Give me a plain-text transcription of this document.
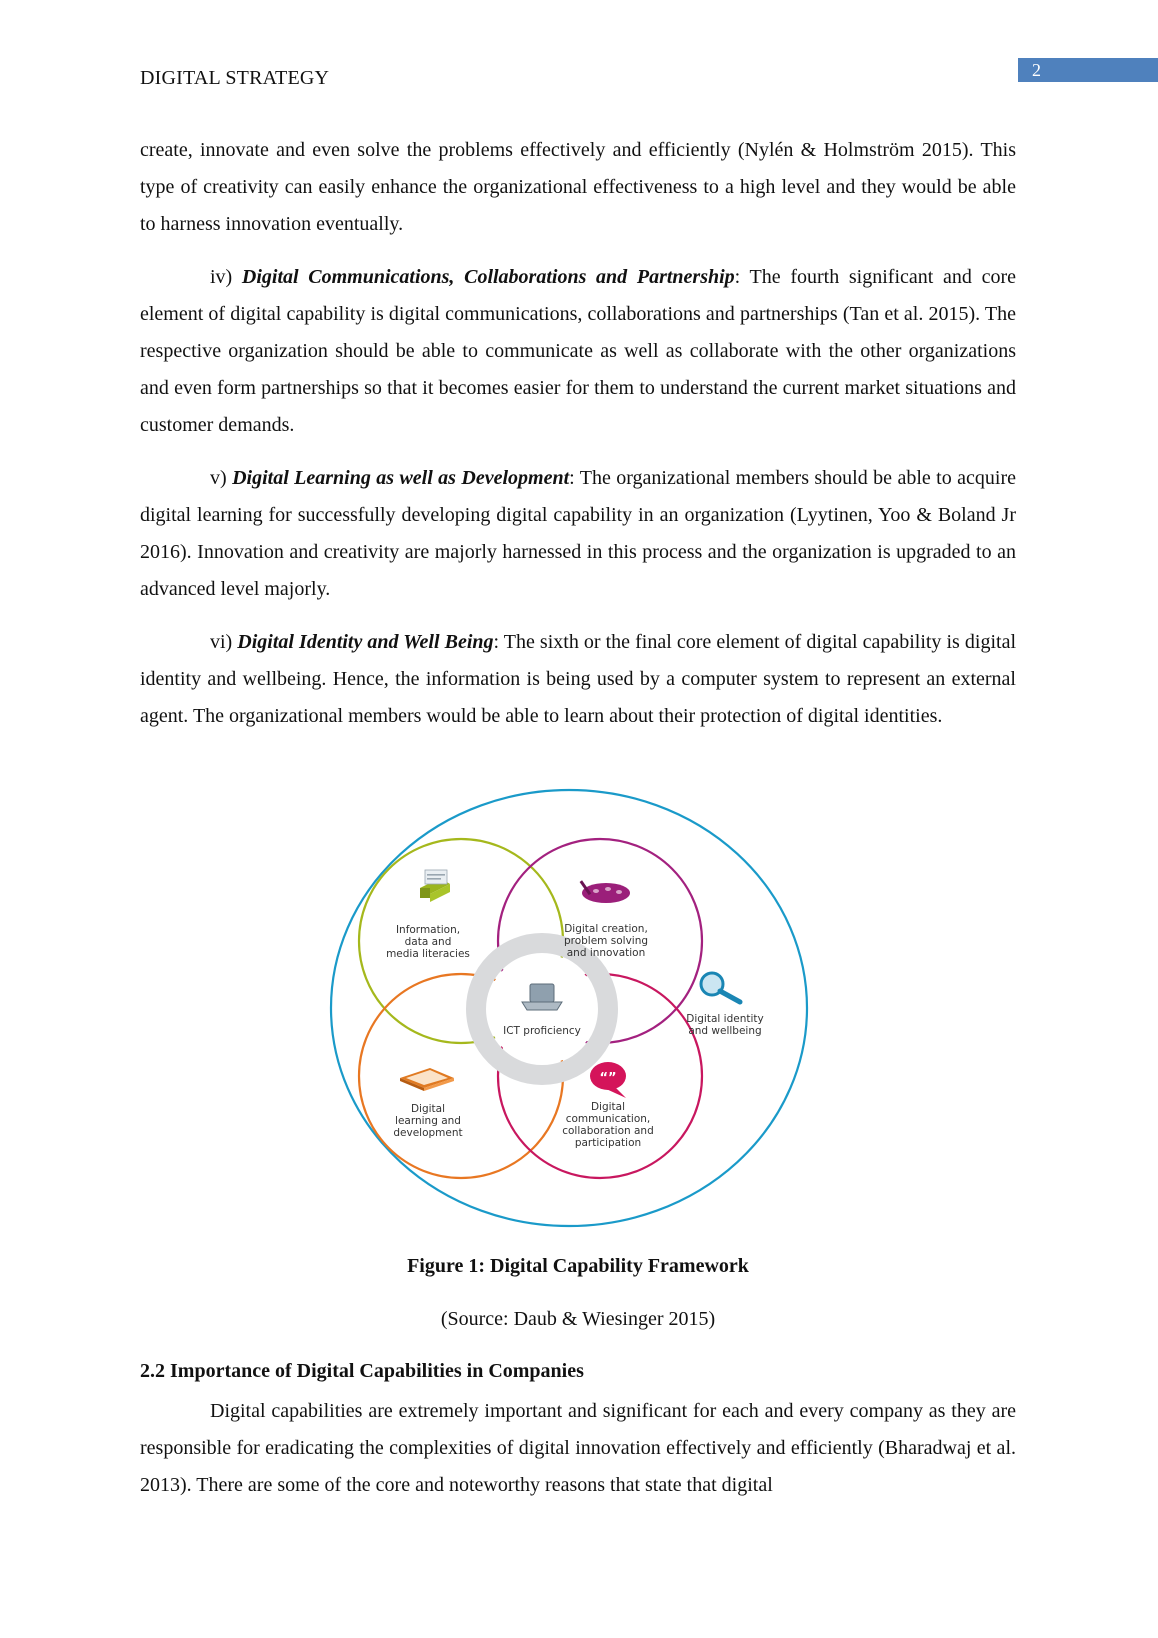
2
DIGITAL STRATEGY

create, innovate and even solve the problems effectively and efficiently (Nylén & Holmström 2015). This type of creativity can easily enhance the organizational effectiveness to a high level and they would be able to harness innovation eventually.

iv) Digital Communications, Collaborations and Partnership: The fourth significant and core element of digital capability is digital communications, collaborations and partnerships (Tan et al. 2015). The respective organization should be able to communicate as well as collaborate with the other organizations and even form partnerships so that it becomes easier for them to understand the current market situations and customer demands.

v) Digital Learning as well as Development: The organizational members should be able to acquire digital learning for successfully developing digital capability in an organization (Lyytinen, Yoo & Boland Jr 2016). Innovation and creativity are majorly harnessed in this process and the organization is upgraded to an advanced level majorly.

vi) Digital Identity and Well Being: The sixth or the final core element of digital capability is digital identity and wellbeing. Hence, the information is being used by a computer system to represent an external agent. The organizational members would be able to learn about their protection of digital identities.

ICT proficiency
Information,
data and
media literacies
Digital creation,
problem solving
and innovation
Digital identity
and wellbeing
Digital
learning and
development
“”
Digital
communication,
collaboration and
participation
Figure 1: Digital Capability Framework
(Source: Daub & Wiesinger 2015)
2.2 Importance of Digital Capabilities in Companies

Digital capabilities are extremely important and significant for each and every company as they are responsible for eradicating the complexities of digital innovation effectively and efficiently (Bharadwaj et al. 2013). There are some of the core and noteworthy reasons that state that digital
